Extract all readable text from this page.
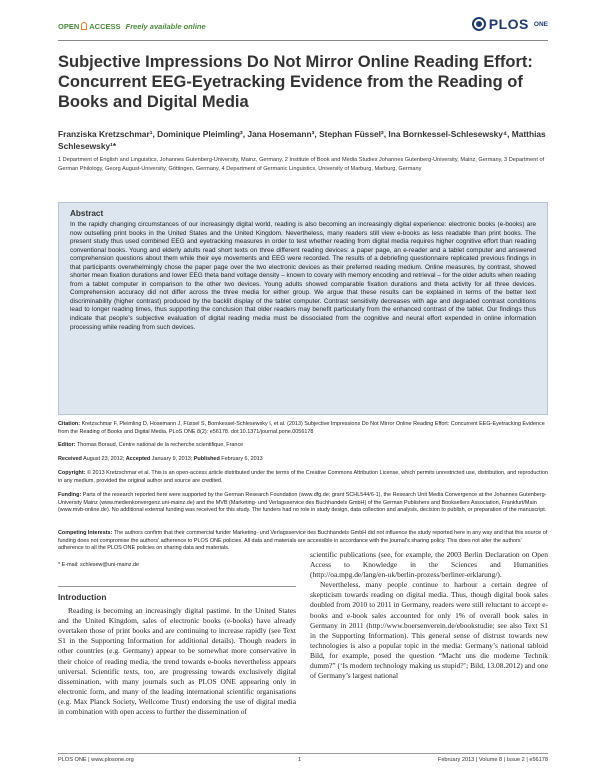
OPEN ACCESS Freely available online	PLOS ONE
Subjective Impressions Do Not Mirror Online Reading Effort: Concurrent EEG-Eyetracking Evidence from the Reading of Books and Digital Media
Franziska Kretzschmar¹, Dominique Pleimling², Jana Hosemann³, Stephan Füssel², Ina Bornkessel-Schlesewsky⁴, Matthias Schlesewsky¹*
1 Department of English and Linguistics, Johannes Gutenberg-University, Mainz, Germany, 2 Institute of Book and Media Studies Johannes Gutenberg-University, Mainz, Germany, 3 Department of German Philology, Georg August-University, Göttingen, Germany, 4 Department of Germanic Linguistics, University of Marburg, Marburg, Germany
Abstract
In the rapidly changing circumstances of our increasingly digital world, reading is also becoming an increasingly digital experience: electronic books (e-books) are now outselling print books in the United States and the United Kingdom. Nevertheless, many readers still view e-books as less readable than print books. The present study thus used combined EEG and eyetracking measures in order to test whether reading from digital media requires higher cognitive effort than reading conventional books. Young and elderly adults read short texts on three different reading devices: a paper page, an e-reader and a tablet computer and answered comprehension questions about them while their eye movements and EEG were recorded. The results of a debriefing questionnaire replicated previous findings in that participants overwhelmingly chose the paper page over the two electronic devices as their preferred reading medium. Online measures, by contrast, showed shorter mean fixation durations and lower EEG theta band voltage density – known to covary with memory encoding and retrieval – for the older adults when reading from a tablet computer in comparison to the other two devices. Young adults showed comparable fixation durations and theta activity for all three devices. Comprehension accuracy did not differ across the three media for either group. We argue that these results can be explained in terms of the better text discriminability (higher contrast) produced by the backlit display of the tablet computer. Contrast sensitivity decreases with age and degraded contrast conditions lead to longer reading times, thus supporting the conclusion that older readers may benefit particularly from the enhanced contrast of the tablet. Our findings thus indicate that people’s subjective evaluation of digital reading media must be dissociated from the cognitive and neural effort expended in online information processing while reading from such devices.
Citation: Kretzschmar F, Pleimling D, Hosemann J, Füssel S, Bornkessel-Schlesewsky I, et al. (2013) Subjective Impressions Do Not Mirror Online Reading Effort: Concurrent EEG-Eyetracking Evidence from the Reading of Books and Digital Media. PLoS ONE 8(2): e56178. doi:10.1371/journal.pone.0056178
Editor: Thomas Boraud, Centre national de la recherche scientifique, France
Received August 23, 2012; Accepted January 9, 2013; Published February 6, 2013
Copyright: © 2013 Kretzschmar et al. This is an open-access article distributed under the terms of the Creative Commons Attribution License, which permits unrestricted use, distribution, and reproduction in any medium, provided the original author and source are credited.
Funding: Parts of the research reported here were supported by the German Research Foundation (www.dfg.de; grant SCHL544/6-1), the Research Unit Media Convergence at the Johannes Gutenberg-University Mainz (www.medienkonvergenz.uni-mainz.de) and the MVB (Marketing- und Verlagsservice des Buchhandels GmbH) of the German Publishers and Booksellers Association, Frankfurt/Main (www.mvb-online.de). No additional external funding was received for this study. The funders had no role in study design, data collection and analysis, decision to publish, or preparation of the manuscript.
Competing Interests: The authors confirm that their commercial funder Marketing- und Verlagsservice des Buchhandels GmbH did not influence the study reported here in any way and that this source of funding does not compromise the authors’ adherence to PLOS ONE policies. All data and materials are accessible in accordance with the journal’s sharing policy. This does not alter the authors’ adherence to all the PLOS ONE policies on sharing data and materials.
* E-mail: schlesew@uni-mainz.de
Introduction

Reading is becoming an increasingly digital pastime. In the United States and the United Kingdom, sales of electronic books (e-books) have already overtaken those of print books and are continuing to increase rapidly (see Text S1 in the Supporting Information for additional details). Though readers in other countries (e.g. Germany) appear to be somewhat more conservative in their choice of reading media, the trend towards e-books nevertheless appears universal. Scientific texts, too, are progressing towards exclusively digital dissemination, with many journals such as PLOS ONE appearing only in electronic form, and many of the leading international scientific organisations (e.g. Max Planck Society, Wellcome Trust) endorsing the use of digital media in combination with open access to further the dissemination of

scientific publications (see, for example, the 2003 Berlin Declaration on Open Access to Knowledge in the Sciences and Humanities (http://oa.mpg.de/lang/en-uk/berlin-prozess/berliner-erklarung/).

Nevertheless, many people continue to harbour a certain degree of skepticism towards reading on digital media. Thus, though digital book sales doubled from 2010 to 2011 in Germany, readers were still reluctant to accept e-books and e-book sales accounted for only 1% of overall book sales in Germany in 2011 (http://www.boersenverein.de/ebookstudie; see also Text S1 in the Supporting Information). This general sense of distrust towards new technologies is also a popular topic in the media: Germany’s national tabloid Bild, for example, posed the question “Macht uns die moderne Technik dumm?” (‘Is modern technology making us stupid?’; Bild, 13.08.2012) and one of Germany’s largest national

PLOS ONE | www.plosone.org	1	February 2013 | Volume 8 | Issue 2 | e56178
